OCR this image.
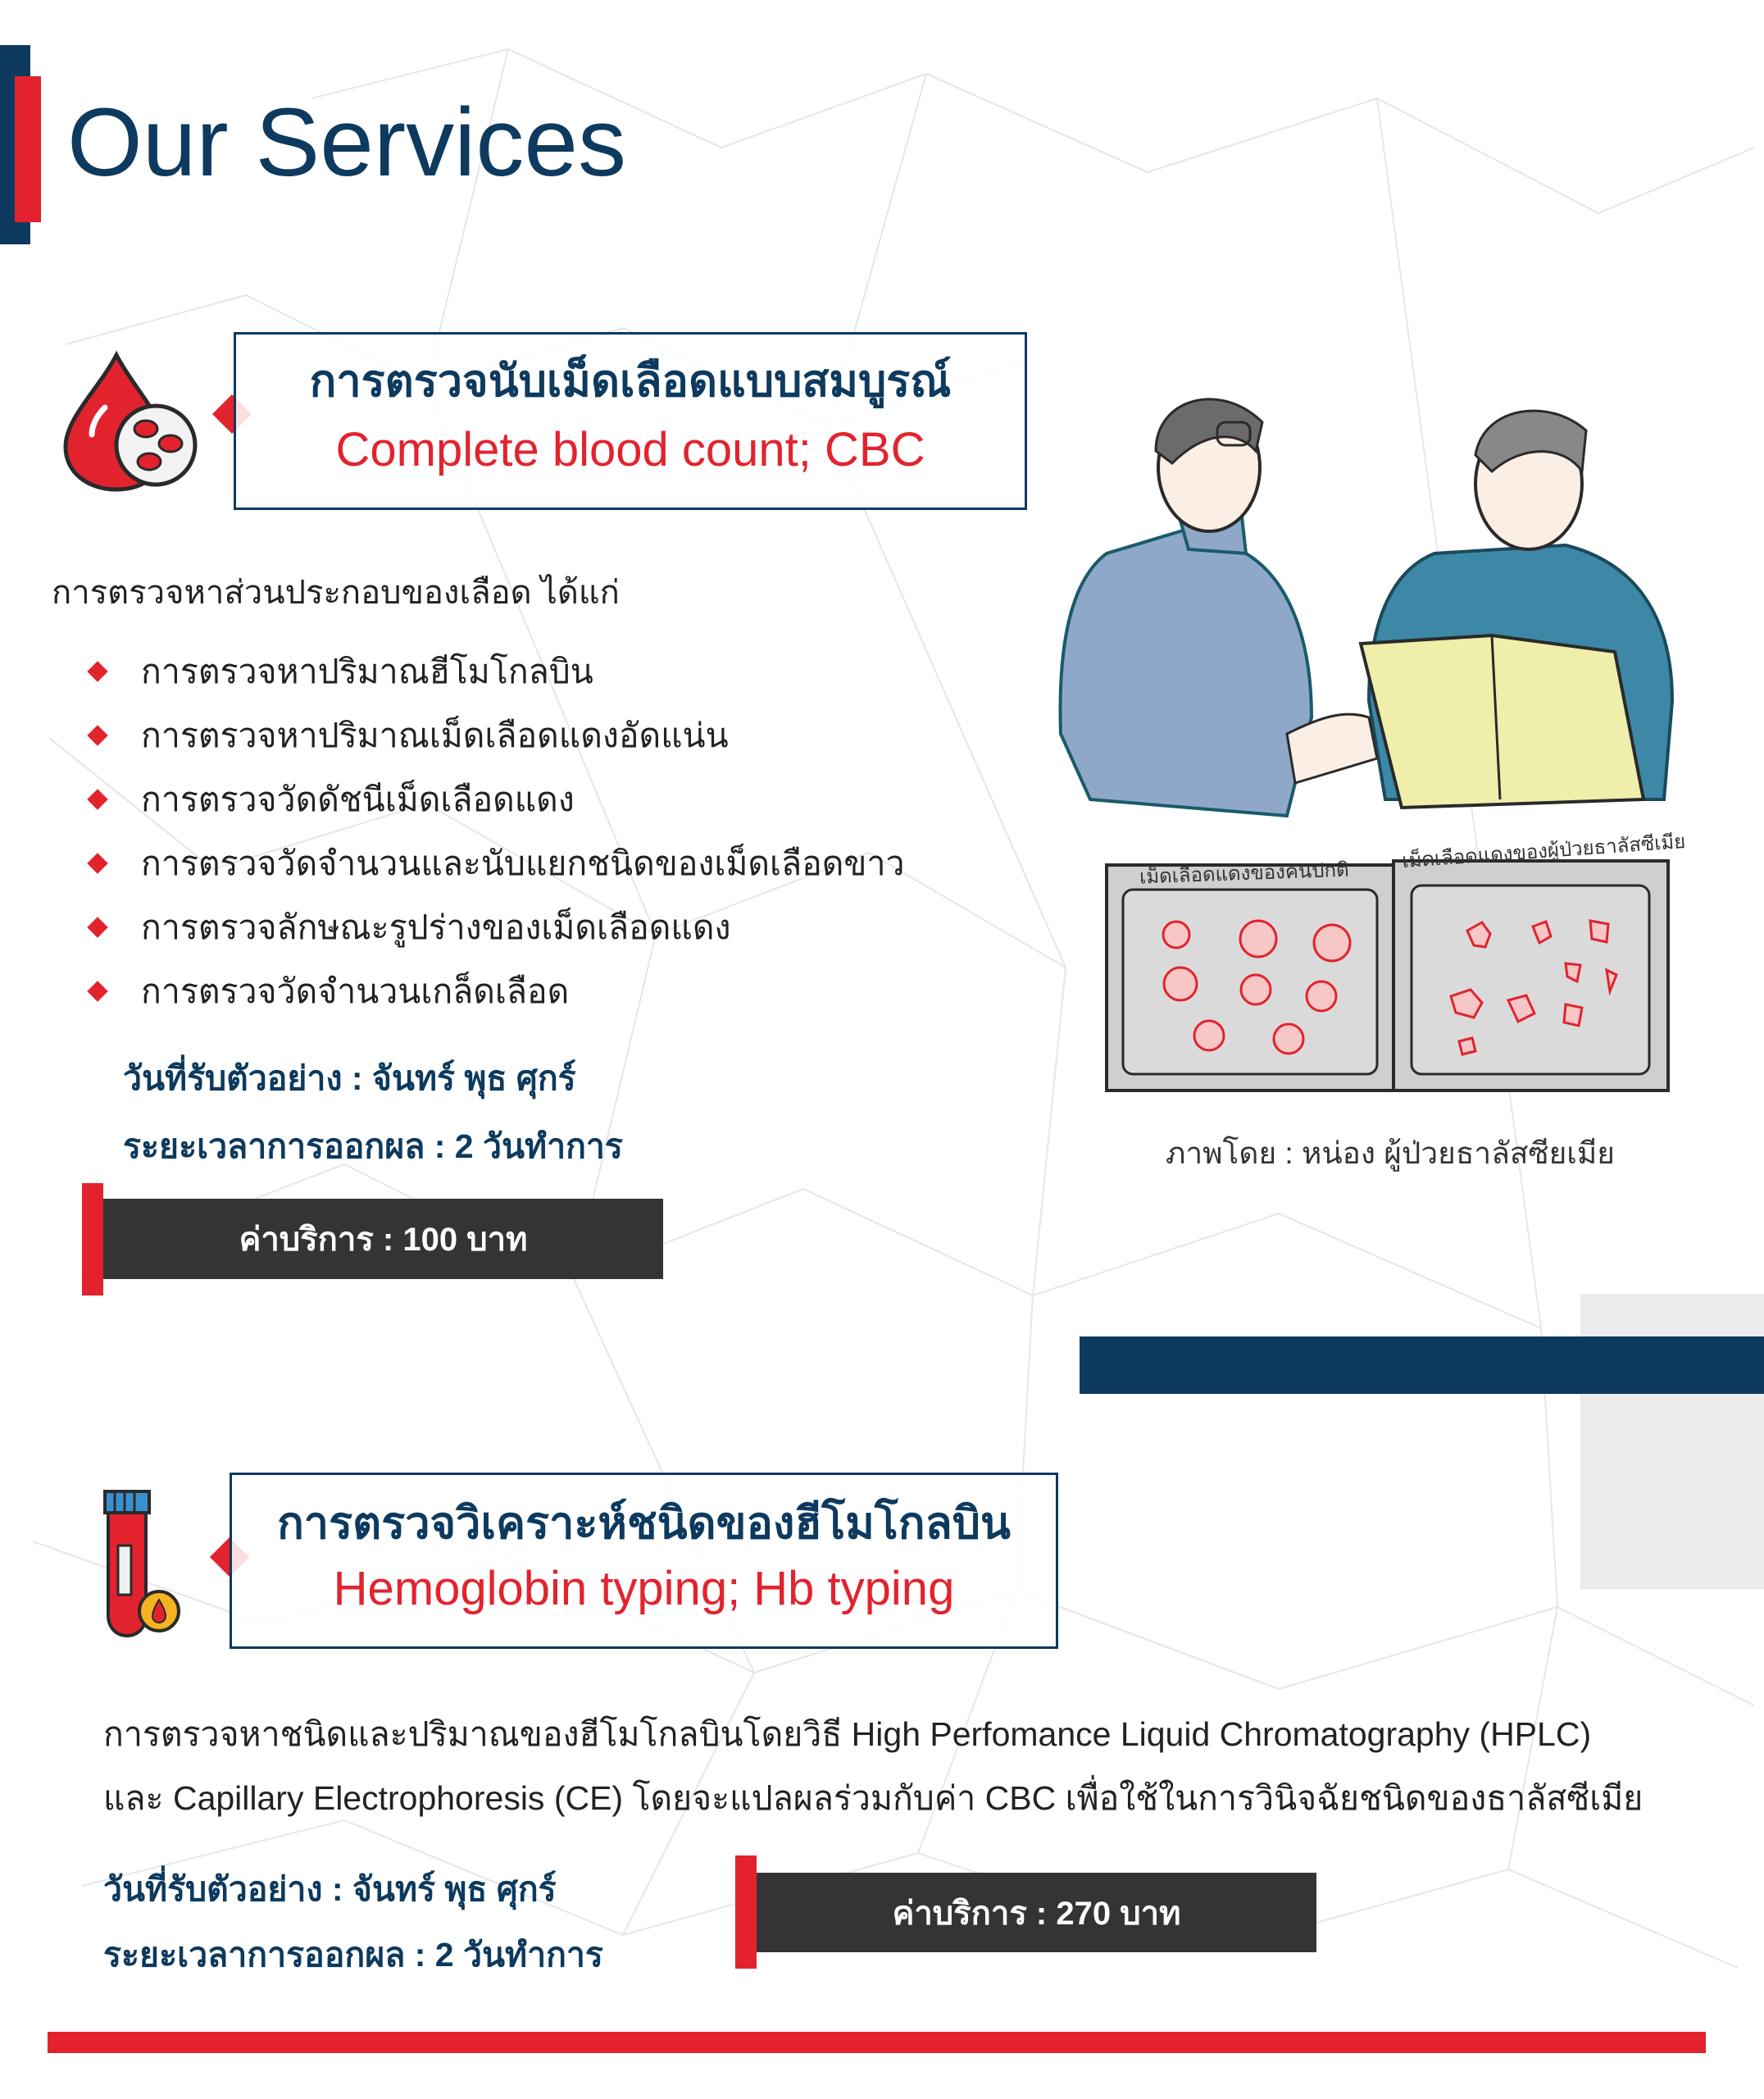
Our Services
การตรวจนับเม็ดเลือดแบบสมบูรณ์
Complete blood count; CBC
การตรวจหาส่วนประกอบของเลือด ได้แก่
การตรวจหาปริมาณฮีโมโกลบิน
การตรวจหาปริมาณเม็ดเลือดแดงอัดแน่น
การตรวจวัดดัชนีเม็ดเลือดแดง
การตรวจวัดจำนวนและนับแยกชนิดของเม็ดเลือดขาว
การตรวจลักษณะรูปร่างของเม็ดเลือดแดง
การตรวจวัดจำนวนเกล็ดเลือด
วันที่รับตัวอย่าง : จันทร์ พุธ ศุกร์
ระยะเวลาการออกผล : 2 วันทำการ
ค่าบริการ : 100 บาท
เม็ดเลือดแดงของคนปกติ
เม็ดเลือดแดงของผู้ป่วยธาลัสซีเมีย
ภาพโดย : หน่อง ผู้ป่วยธาลัสซียเมีย
การตรวจวิเคราะห์ชนิดของฮีโมโกลบิน
Hemoglobin typing; Hb typing
การตรวจหาชนิดและปริมาณของฮีโมโกลบินโดยวิธี High Perfomance Liquid Chromatography (HPLC)
และ Capillary Electrophoresis (CE) โดยจะแปลผลร่วมกับค่า CBC เพื่อใช้ในการวินิจฉัยชนิดของธาลัสซีเมีย
วันที่รับตัวอย่าง : จันทร์ พุธ ศุกร์
ระยะเวลาการออกผล : 2 วันทำการ
ค่าบริการ : 270 บาท
